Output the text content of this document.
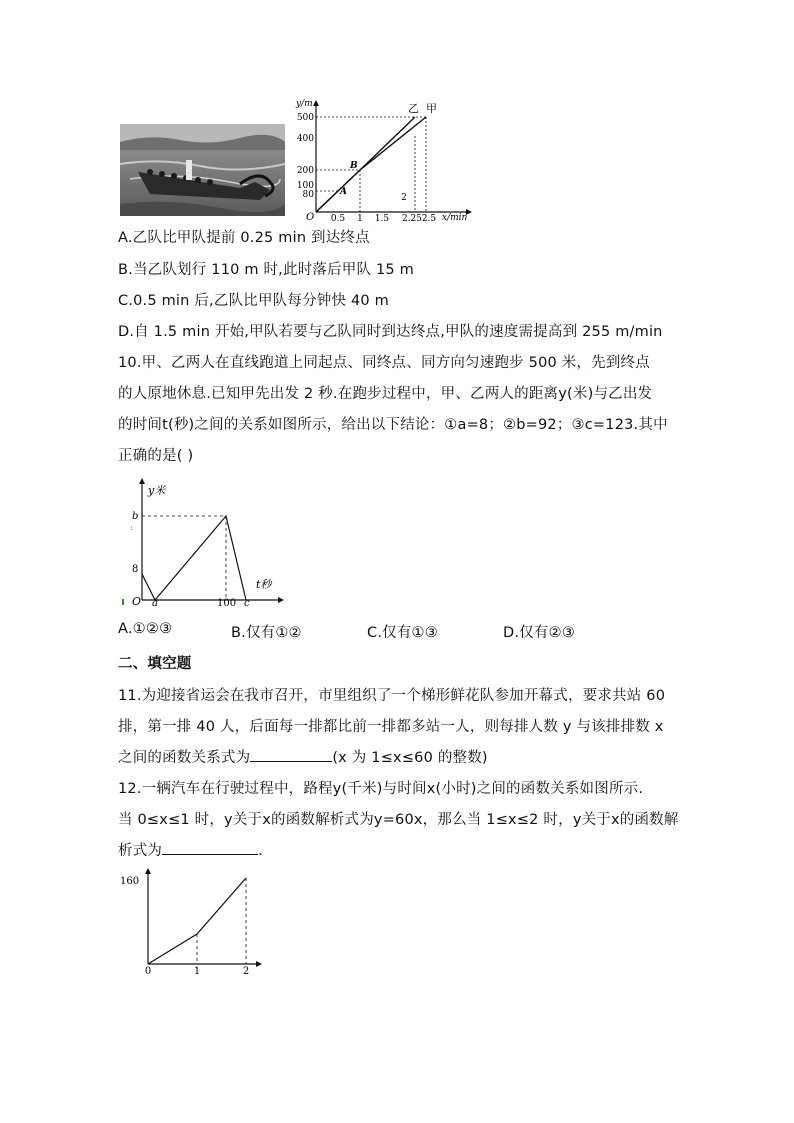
y/m
x/min
乙 甲
O
A
B
500
400
200
100
80
0.5 1 1.5
2
2.25 2.5
A.乙队比甲队提前 0.25 min 到达终点
B.当乙队划行 110 m 时,此时落后甲队 15 m
C.0.5 min 后,乙队比甲队每分钟快 40 m
D.自 1.5 min 开始,甲队若要与乙队同时到达终点,甲队的速度需提高到 255 m/min
10.甲、乙两人在直线跑道上同起点、同终点、同方向匀速跑步 500 米，先到终点
的人原地休息.已知甲先出发 2 秒.在跑步过程中，甲、乙两人的距离y(米)与乙出发
的时间t(秒)之间的关系如图所示，给出以下结论：①a=8；②b=92；③c=123.其中
正确的是( )
y米
t秒
b
:
8
O a	100 c
A.①②③	B.仅有①②	C.仅有①③	D.仅有②③
二、填空题
11.为迎接省运会在我市召开，市里组织了一个梯形鲜花队参加开幕式，要求共站 60
排，第一排 40 人，后面每一排都比前一排都多站一人，则每排人数 y 与该排排数 x
之间的函数关系式为	(x 为 1≤x≤60 的整数)
12.一辆汽车在行驶过程中，路程y(千米)与时间x(小时)之间的函数关系如图所示.
当 0≤x≤1 时，y关于x的函数解析式为y=60x，那么当 1≤x≤2 时，y关于x的函数解
析式为	.
160
0	1	2
